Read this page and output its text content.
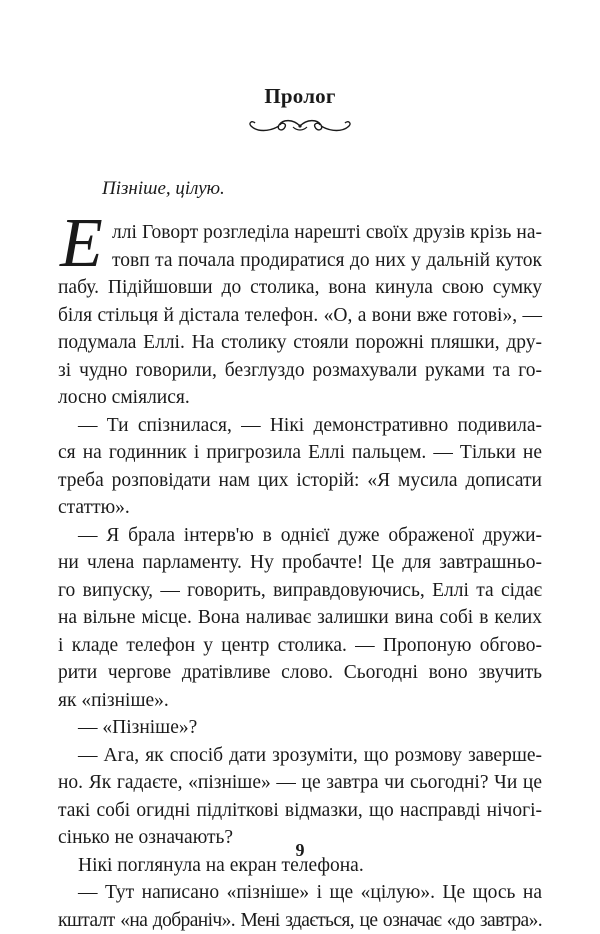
Пролог
Пізніше, цілую.
Е ллі Говорт розгледіла нарешті своїх друзів крізь на-
товп та почала продиратися до них у дальній куток
пабу. Підійшовши до столика, вона кинула свою сумку
біля стільця й дістала телефон. «О, а вони вже готові», —
подумала Еллі. На столику стояли порожні пляшки, дру-
зі чудно говорили, безглуздо розмахували руками та го-
лосно сміялися.
— Ти спізнилася, — Нікі демонстративно подивила-
ся на годинник і пригрозила Еллі пальцем. — Тільки не
треба розповідати нам цих історій: «Я мусила дописати
статтю».
— Я брала інтерв'ю в однієї дуже ображеної дружи-
ни члена парламенту. Ну пробачте! Це для завтрашньо-
го випуску, — говорить, виправдовуючись, Еллі та сідає
на вільне місце. Вона наливає залишки вина собі в келих
і кладе телефон у центр столика. — Пропоную обгово-
рити чергове дратівливе слово. Сьогодні воно звучить
як «пізніше».
— «Пізніше»?
— Ага, як спосіб дати зрозуміти, що розмову заверше-
но. Як гадаєте, «пізніше» — це завтра чи сьогодні? Чи це
такі собі огидні підліткові відмазки, що насправді нічогі-
сінько не означають?
Нікі поглянула на екран телефона.
— Тут написано «пізніше» і ще «цілую». Це щось на
кшталт «на добраніч». Мені здається, це означає «до завтра».
9
